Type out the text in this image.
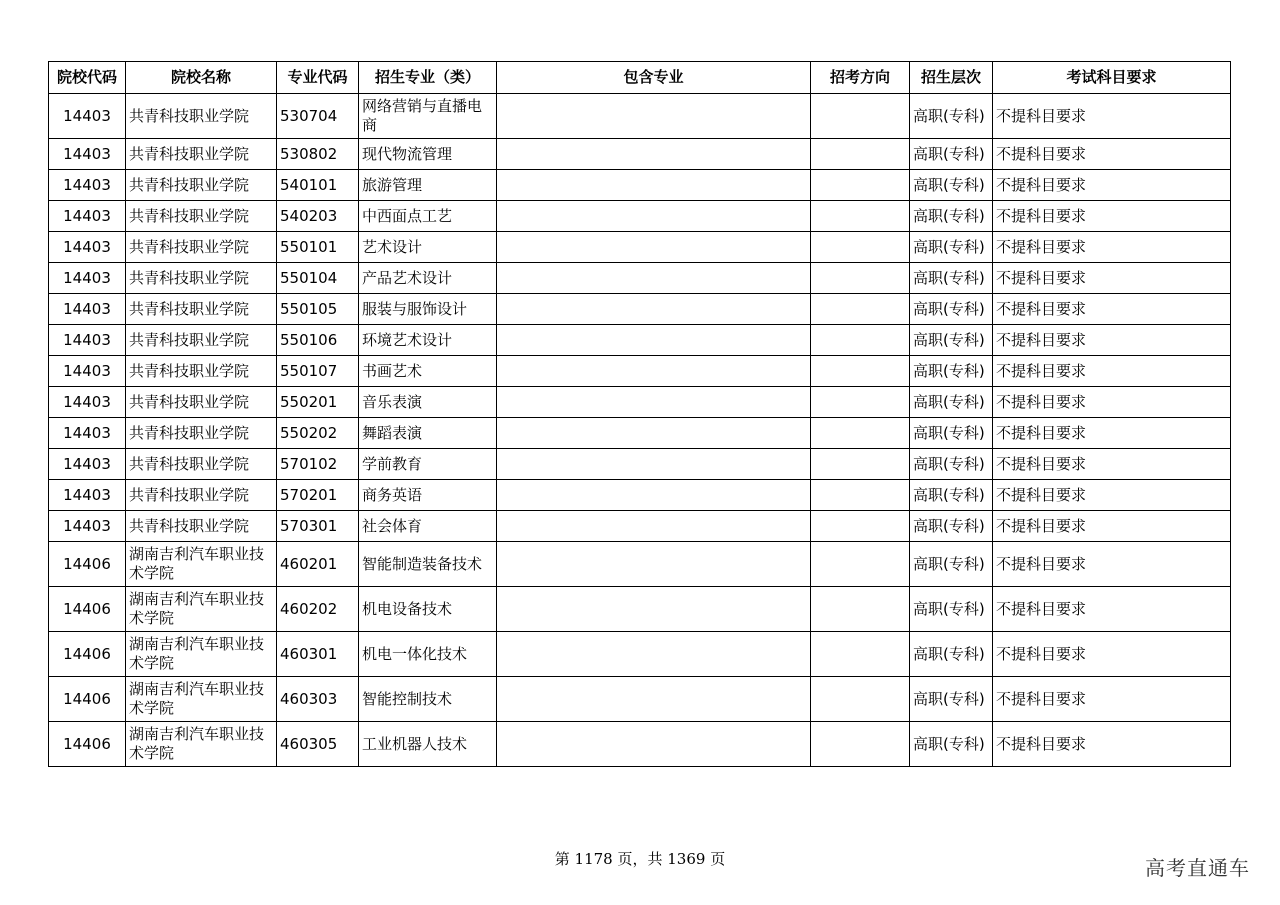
院校代码	院校名称	专业代码	招生专业（类）	包含专业	招考方向	招生层次	考试科目要求
14403	共青科技职业学院	530704	网络营销与直播电商			高职(专科)	不提科目要求
14403	共青科技职业学院	530802	现代物流管理			高职(专科)	不提科目要求
14403	共青科技职业学院	540101	旅游管理			高职(专科)	不提科目要求
14403	共青科技职业学院	540203	中西面点工艺			高职(专科)	不提科目要求
14403	共青科技职业学院	550101	艺术设计			高职(专科)	不提科目要求
14403	共青科技职业学院	550104	产品艺术设计			高职(专科)	不提科目要求
14403	共青科技职业学院	550105	服装与服饰设计			高职(专科)	不提科目要求
14403	共青科技职业学院	550106	环境艺术设计			高职(专科)	不提科目要求
14403	共青科技职业学院	550107	书画艺术			高职(专科)	不提科目要求
14403	共青科技职业学院	550201	音乐表演			高职(专科)	不提科目要求
14403	共青科技职业学院	550202	舞蹈表演			高职(专科)	不提科目要求
14403	共青科技职业学院	570102	学前教育			高职(专科)	不提科目要求
14403	共青科技职业学院	570201	商务英语			高职(专科)	不提科目要求
14403	共青科技职业学院	570301	社会体育			高职(专科)	不提科目要求
14406	湖南吉利汽车职业技术学院	460201	智能制造装备技术			高职(专科)	不提科目要求
14406	湖南吉利汽车职业技术学院	460202	机电设备技术			高职(专科)	不提科目要求
14406	湖南吉利汽车职业技术学院	460301	机电一体化技术			高职(专科)	不提科目要求
14406	湖南吉利汽车职业技术学院	460303	智能控制技术			高职(专科)	不提科目要求
14406	湖南吉利汽车职业技术学院	460305	工业机器人技术			高职(专科)	不提科目要求
第 1178 页，共 1369 页	高考直通车
